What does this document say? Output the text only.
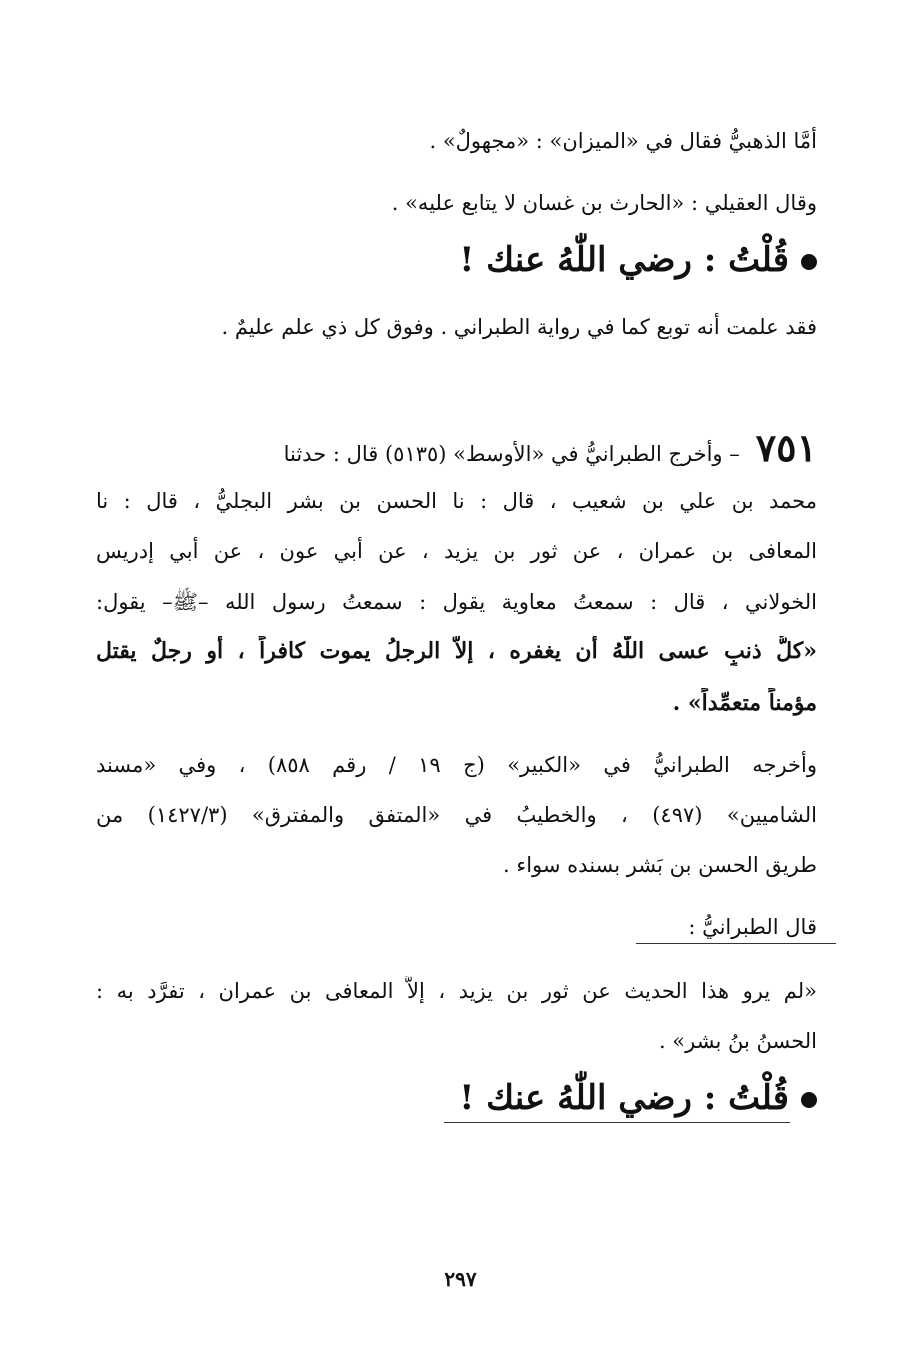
أمَّا الذهبيُّ فقال في «الميزان» : «مجهولٌ» .
وقال العقيلي : «الحارث بن غسان لا يتابع عليه» .
قُلْتُ : رضي اللّٰهُ عنك !
فقد علمت أنه توبع كما في رواية الطبراني . وفوق كل ذي علم عليمٌ .
٧٥١– وأخرج الطبرانيُّ في «الأوسط» (٥١٣٥) قال : حدثنا
محمد بن علي بن شعيب ، قال : نا الحسن بن بشر البجليُّ ، قال : نا
المعافى بن عمران ، عن ثور بن يزيد ، عن أبي عون ، عن أبي إدريس
الخولاني ، قال : سمعتُ معاوية يقول : سمعتُ رسول الله –ﷺ– يقول:
«كلُّ ذنبٍ عسى اللّٰهُ أن يغفره ، إلاَّ الرجلُ يموت كافراً ، أو رجلٌ يقتل
مؤمناً متعمِّداً» .
وأخرجه الطبرانيُّ في «الكبير» (ج ١٩ / رقم ٨٥٨) ، وفي «مسند
الشاميين» (٤٩٧) ، والخطيبُ في «المتفق والمفترق» (١٤٢٧/٣) من
طريق الحسن بن بَشر بسنده سواء .
قال الطبرانيُّ :
«لم يرو هذا الحديث عن ثور بن يزيد ، إلاَّ المعافى بن عمران ، تفرَّد به :
الحسنُ بنُ بشر» .
قُلْتُ : رضي اللّٰهُ عنك !
٢٩٧
